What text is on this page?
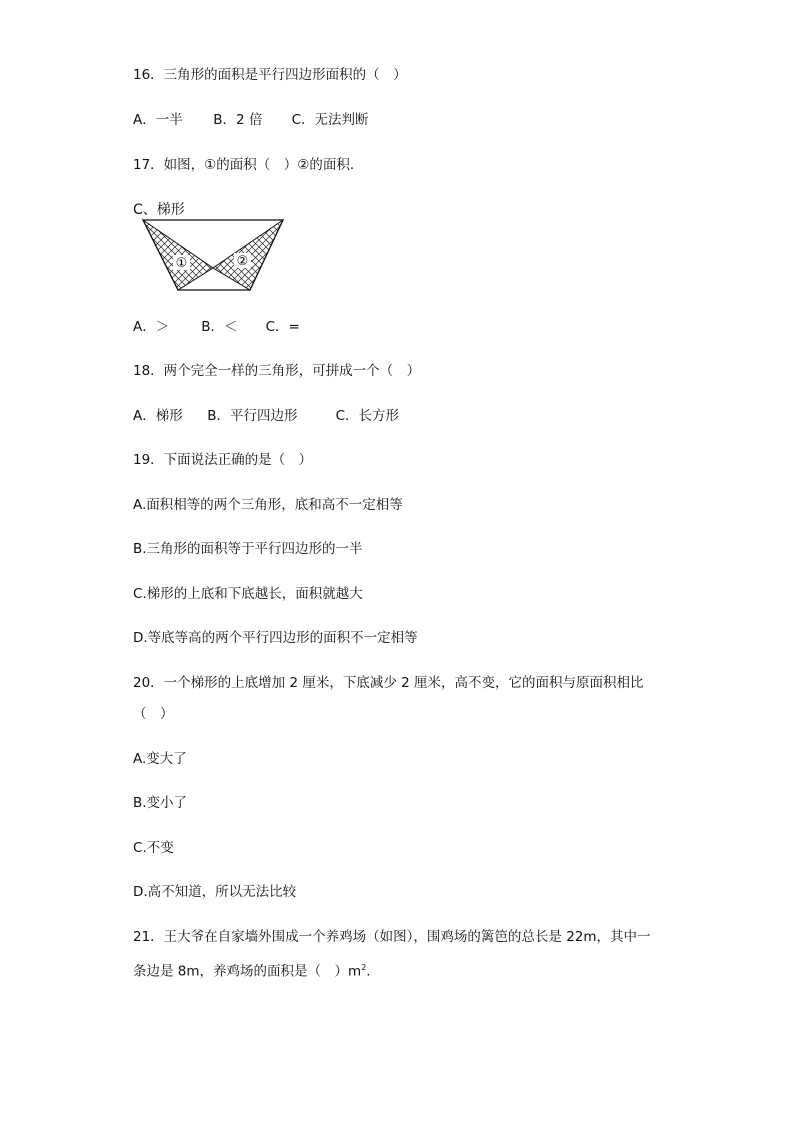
16．三角形的面积是平行四边形面积的（　）
A．一半 B．2 倍 C．无法判断
17．如图，①的面积（　）②的面积．
C、梯形
①	②
A．＞ B．＜ C．=
18．两个完全一样的三角形，可拼成一个（　）
A．梯形 B．平行四边形	C．长方形
19．下面说法正确的是（　）
A.面积相等的两个三角形，底和高不一定相等
B.三角形的面积等于平行四边形的一半
C.梯形的上底和下底越长，面积就越大
D.等底等高的两个平行四边形的面积不一定相等
20．一个梯形的上底增加 2 厘米，下底减少 2 厘米，高不变，它的面积与原面积相比
（　）
A.变大了
B.变小了
C.不变
D.高不知道，所以无法比较
21．王大爷在自家墙外围成一个养鸡场（如图），围鸡场的篱笆的总长是 22m，其中一
条边是 8m，养鸡场的面积是（　）$m^2$.
